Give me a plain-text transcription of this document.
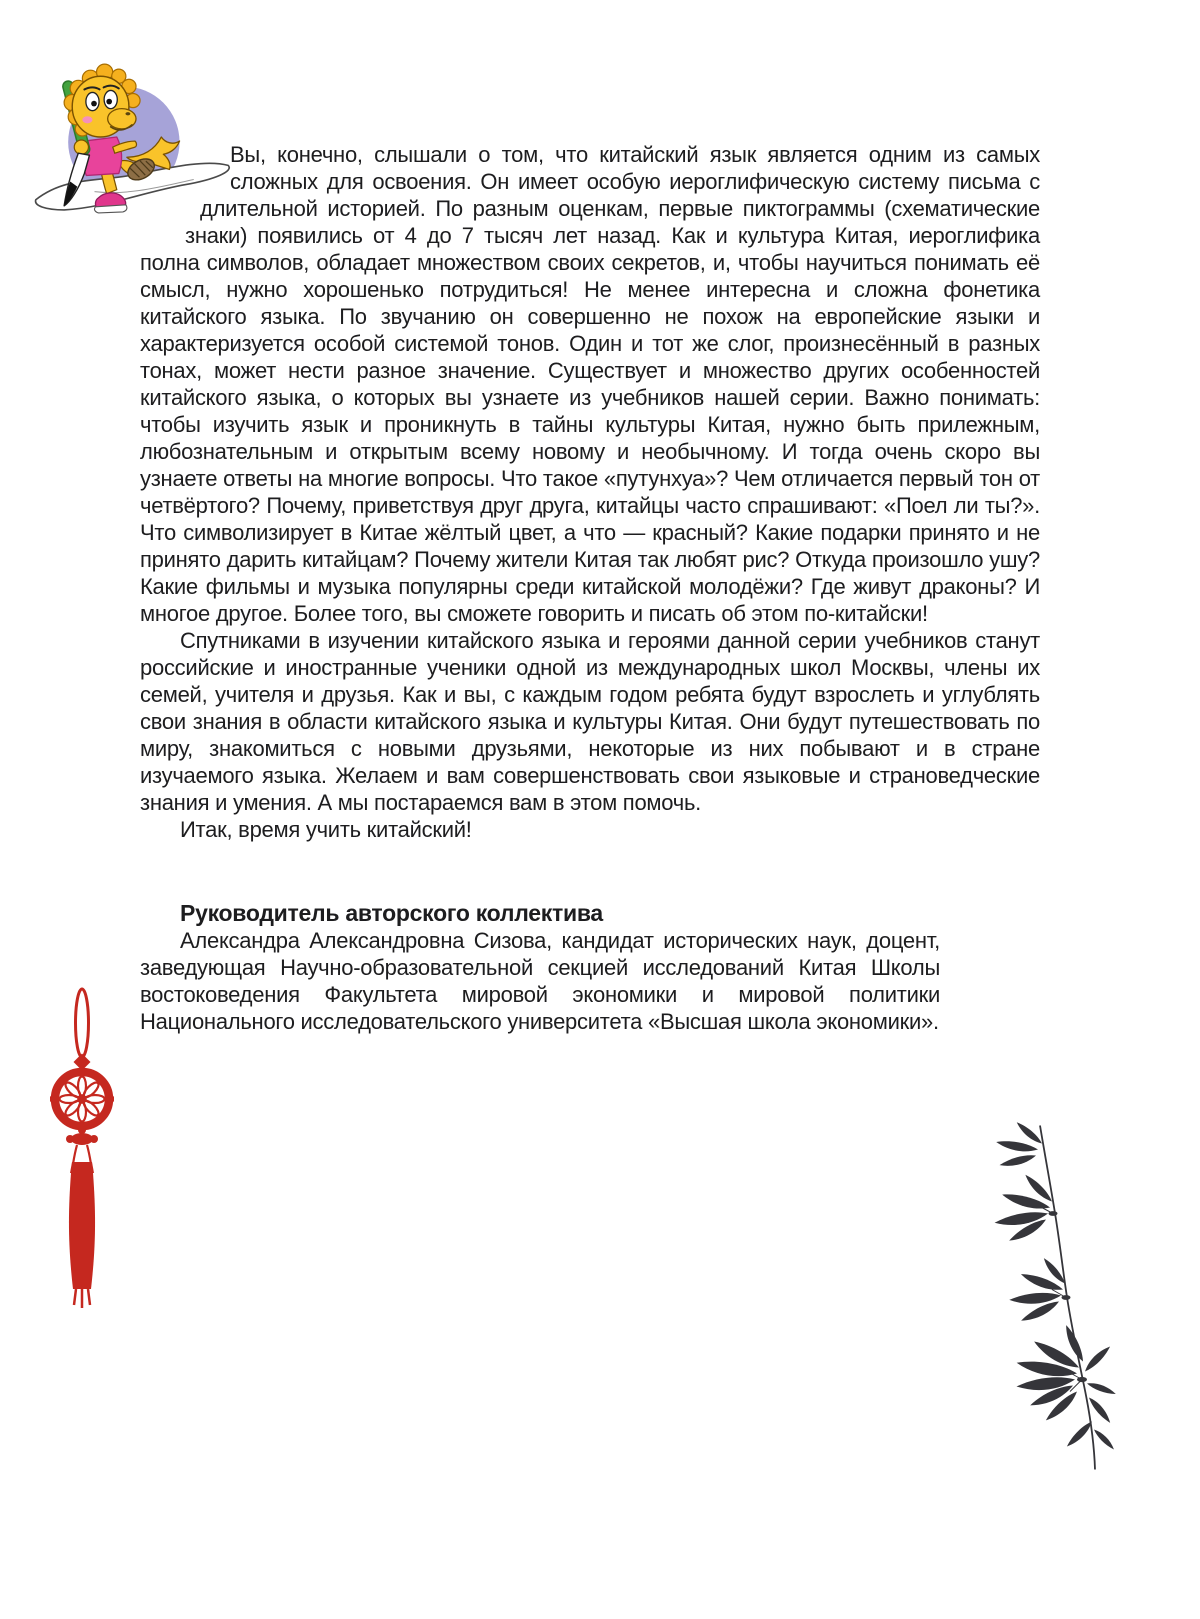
Вы, конечно, слышали о том, что китайский язык является одним из самых сложных для освоения. Он имеет особую иероглифическую систему письма с длительной историей. По разным оценкам, первые пиктограммы (схематические знаки) появились от 4 до 7 тысяч лет назад. Как и культура Китая, иероглифика полна символов, обладает множеством своих секретов, и, чтобы научиться понимать её смысл, нужно хорошенько потрудиться! Не менее интересна и сложна фонетика китайского языка. По звучанию он совершенно не похож на европейские языки и характеризуется особой системой тонов. Один и тот же слог, произнесённый в разных тонах, может нести разное значение. Существует и множество других особенностей китайского языка, о которых вы узнаете из учебников нашей серии. Важно понимать: чтобы изучить язык и проникнуть в тайны культуры Китая, нужно быть прилежным, любознательным и открытым всему новому и необычному. И тогда очень скоро вы узнаете ответы на многие вопросы. Что такое «путунхуа»? Чем отличается первый тон от четвёртого? Почему, приветствуя друг друга, китайцы часто спрашивают: «Поел ли ты?». Что символизирует в Китае жёлтый цвет, а что — красный? Какие подарки принято и не принято дарить китайцам? Почему жители Китая так любят рис? Откуда произошло ушу? Какие фильмы и музыка популярны среди китайской молодёжи? Где живут драконы? И многое другое. Более того, вы сможете говорить и писать об этом по-китайски!

Спутниками в изучении китайского языка и героями данной серии учебников станут российские и иностранные ученики одной из международных школ Москвы, члены их семей, учителя и друзья. Как и вы, с каждым годом ребята будут взрослеть и углублять свои знания в области китайского языка и культуры Китая. Они будут путешествовать по миру, знакомиться с новыми друзьями, некоторые из них побывают и в стране изучаемого языка. Желаем и вам совершенствовать свои языковые и страноведческие знания и умения. А мы постараемся вам в этом помочь.

Итак, время учить китайский!

Руководитель авторского коллектива

Александра Александровна Сизова, кандидат исторических наук, доцент, заведующая Научно-образовательной секцией исследований Китая Школы востоковедения Факультета мировой экономики и мировой политики Национального исследовательского университета «Высшая школа экономики».
